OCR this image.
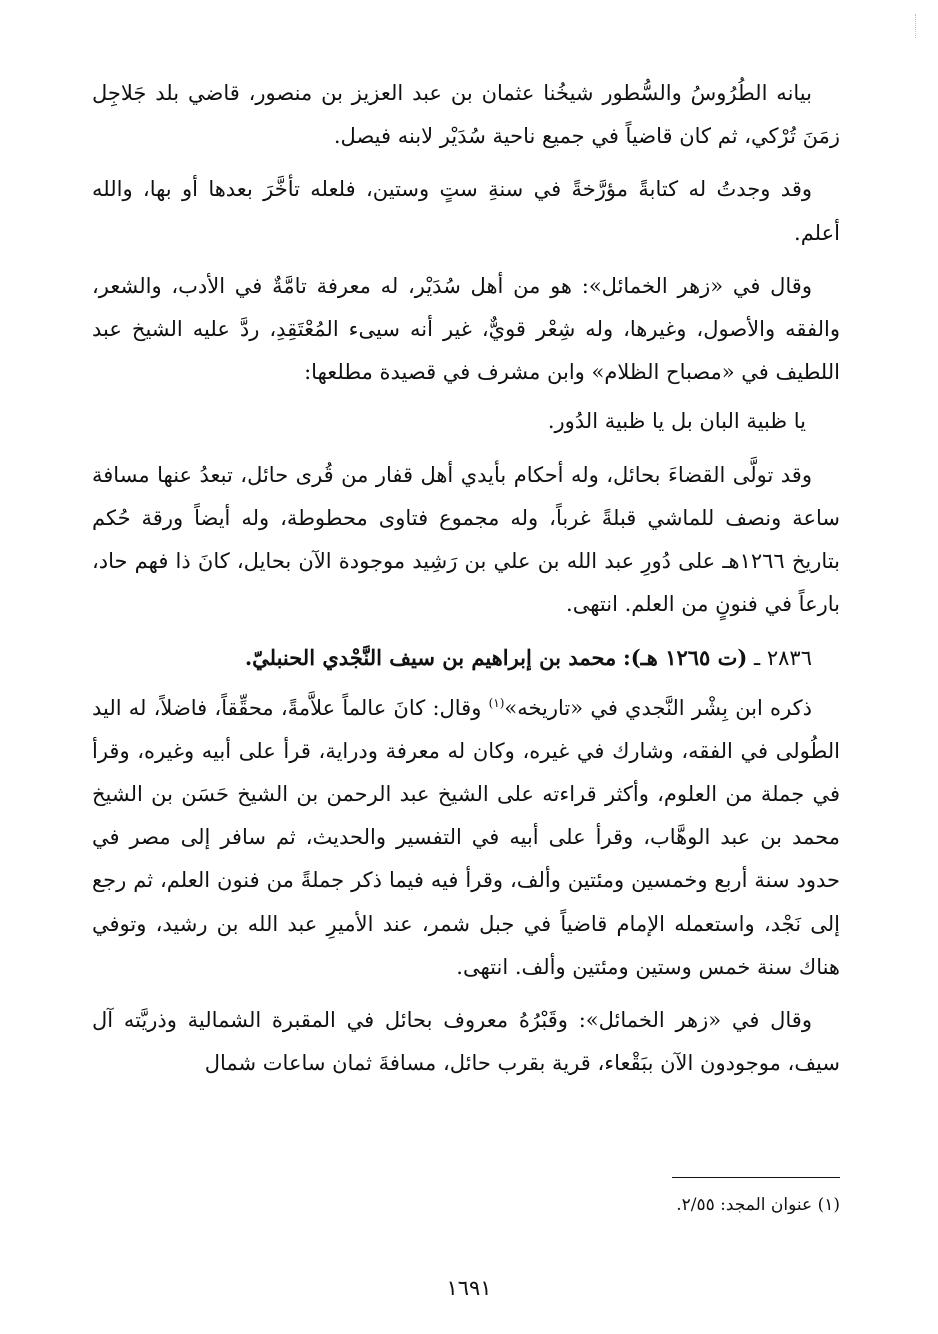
بيانه الطُرُوسُ والسُّطور شيخُنا عثمان بن عبد العزيز بن منصور، قاضي بلد جَلاجِل زمَنَ تُرْكي، ثم كان قاضياً في جميع ناحية سُدَيْر لابنه فيصل.

وقد وجدتُ له كتابةً مؤرَّخةً في سنةِ ستٍ وستين، فلعله تأخَّرَ بعدها أو بها، والله أعلم.

وقال في «زهر الخمائل»: هو من أهل سُدَيْر، له معرفة تامَّةٌ في الأدب، والشعر، والفقه والأصول، وغيرها، وله شِعْر قويٌّ، غير أنه سيىء المُعْتَقِدِ، ردَّ عليه الشيخ عبد اللطيف في «مصباح الظلام» وابن مشرف في قصيدة مطلعها:

يا ظبية البان بل يا ظبية الدُور.

وقد تولَّى القضاءَ بحائل، وله أحكام بأيدي أهل قفار من قُرى حائل، تبعدُ عنها مسافة ساعة ونصف للماشي قبلةً غرباً، وله مجموع فتاوى محطوطة، وله أيضاً ورقة حُكم بتاريخ ١٢٦٦هـ على دُورِ عبد الله بن علي بن رَشِيد موجودة الآن بحايل، كانَ ذا فهم حاد، بارعاً في فنونٍ من العلم. انتهى.

٢٨٣٦ ـ (ت ١٢٦٥ هـ): محمد بن إبراهيم بن سيف النَّجْدي الحنبليّ.

ذكره ابن بِشْر النَّجدي في «تاريخه»$^{(١)}$ وقال: كانَ عالماً علاَّمةً، محقِّقاً، فاضلاً، له اليد الطُولى في الفقه، وشارك في غيره، وكان له معرفة ودراية، قرأ على أبيه وغيره، وقرأ في جملة من العلوم، وأكثر قراءته على الشيخ عبد الرحمن بن الشيخ حَسَن بن الشيخ محمد بن عبد الوهَّاب، وقرأ على أبيه في التفسير والحديث، ثم سافر إلى مصر في حدود سنة أربع وخمسين ومئتين وألف، وقرأ فيه فيما ذكر جملةً من فنون العلم، ثم رجع إلى نَجْد، واستعمله الإمام قاضياً في جبل شمر، عند الأميرِ عبد الله بن رشيد، وتوفي هناك سنة خمس وستين ومئتين وألف. انتهى.

وقال في «زهر الخمائل»: وقَبْرُهُ معروف بحائل في المقبرة الشمالية وذريَّته آل سيف، موجودون الآن ببَقْعاء، قرية بقرب حائل، مسافةَ ثمان ساعات شمال

(١) عنوان المجد: ٢/٥٥.
١٦٩١
